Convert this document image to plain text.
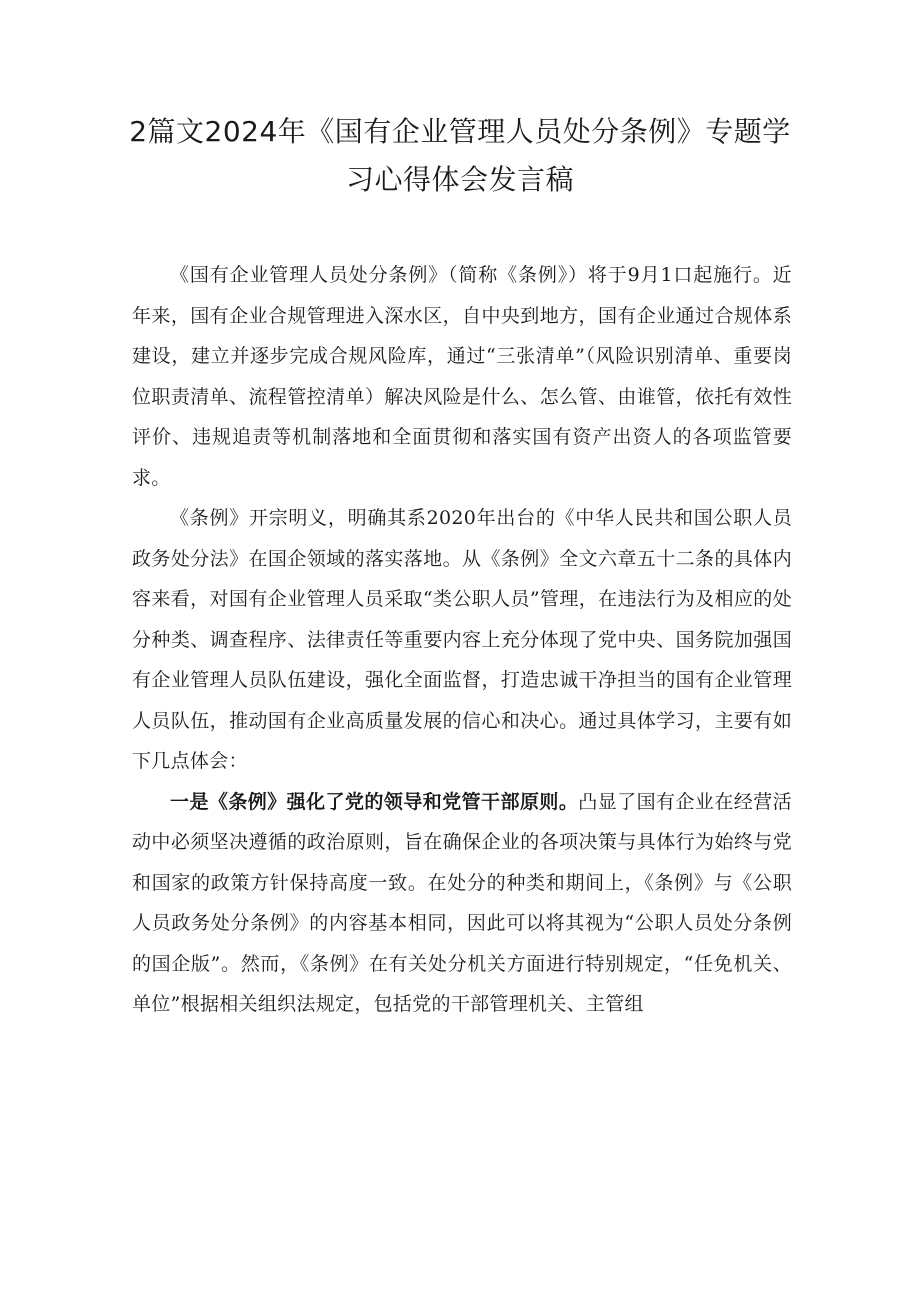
2篇文2024年《国有企业管理人员处分条例》专题学
习心得体会发言稿

《国有企业管理人员处分条例》（简称《条例》）将于9月1口起施行。近年来，国有企业合规管理进入深水区，自中央到地方，国有企业通过合规体系建设，建立并逐步完成合规风险库，通过“三张清单”（风险识别清单、重要岗位职责清单、流程管控清单）解决风险是什么、怎么管、由谁管，依托有效性评价、违规追责等机制落地和全面贯彻和落实国有资产出资人的各项监管要求。

《条例》开宗明义，明确其系2020年出台的《中华人民共和国公职人员政务处分法》在国企领域的落实落地。从《条例》全文六章五十二条的具体内容来看，对国有企业管理人员采取“类公职人员”管理，在违法行为及相应的处分种类、调查程序、法律责任等重要内容上充分体现了党中央、国务院加强国有企业管理人员队伍建设，强化全面监督，打造忠诚干净担当的国有企业管理人员队伍，推动国有企业高质量发展的信心和决心。通过具体学习，主要有如下几点体会：

一是《条例》强化了党的领导和党管干部原则。凸显了国有企业在经营活动中必须坚决遵循的政治原则，旨在确保企业的各项决策与具体行为始终与党和国家的政策方针保持高度一致。在处分的种类和期间上，《条例》与《公职人员政务处分条例》的内容基本相同，因此可以将其视为“公职人员处分条例的国企版”。然而，《条例》在有关处分机关方面进行特别规定，“任免机关、单位”根据相关组织法规定，包括党的干部管理机关、主管组
